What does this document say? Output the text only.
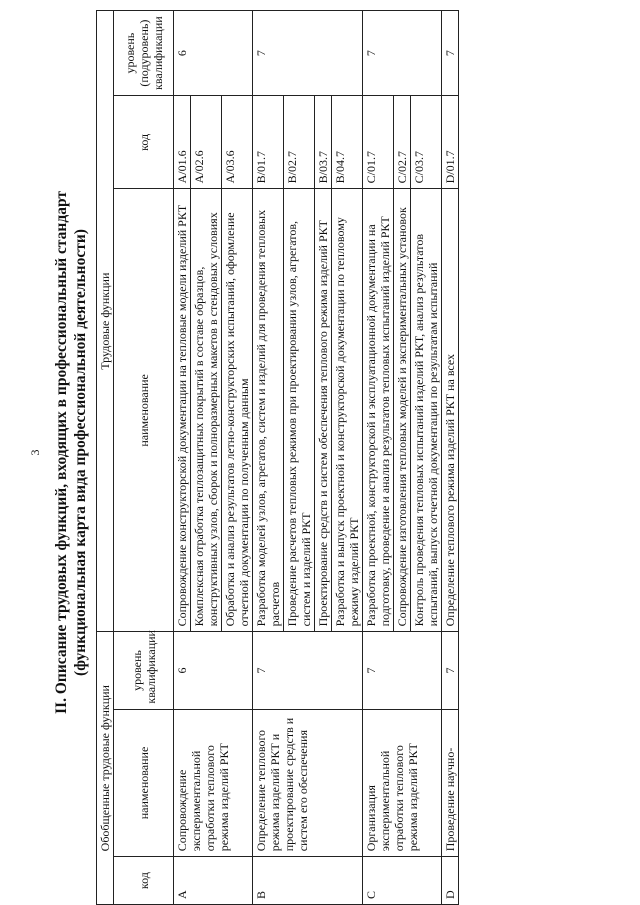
3 II. Описание трудовых функций, входящих в профессиональный стандарт (функциональная карта вида профессиональной деятельности)
Обобщенные трудовые функции			Трудовые функции		
код	наименование	уровень квалификации	наименование	код	уровень (подуровень) квалификации
A	Сопровождение экспериментальной отработки теплового режима изделий РКТ	6	Сопровождение конструкторской документации на тепловые модели изделий РКТ	A/01.6	6
			Комплексная отработка теплозащитных покрытий в составе образцов, конструктивных узлов, сборок и полноразмерных макетов в стендовых условиях	A/02.6	
			Обработка и анализ результатов летно-конструкторских испытаний, оформление отчетной документации по полученным данным	A/03.6	
B	Определение теплового режима изделий РКТ и проектирование средств и систем его обеспечения	7	Разработка моделей узлов, агрегатов, систем и изделий для проведения тепловых расчетов	B/01.7	7
			Проведение расчетов тепловых режимов при проектировании узлов, агрегатов, систем и изделий РКТ	B/02.7	
			Проектирование средств и систем обеспечения теплового режима изделий РКТ	B/03.7	
			Разработка и выпуск проектной и конструкторской документации по тепловому режиму изделий РКТ	B/04.7	
C	Организация экспериментальной отработки теплового режима изделий РКТ	7	Разработка проектной, конструкторской и эксплуатационной документации на подготовку, проведение и анализ результатов тепловых испытаний изделий РКТ	C/01.7	7
			Сопровождение изготовления тепловых моделей и экспериментальных установок	C/02.7	
			Контроль проведения тепловых испытаний изделий РКТ, анализ результатов испытаний, выпуск отчетной документации по результатам испытаний	C/03.7	
D	Проведение научно-	7	Определение теплового режима изделий РКТ на всех	D/01.7	7
